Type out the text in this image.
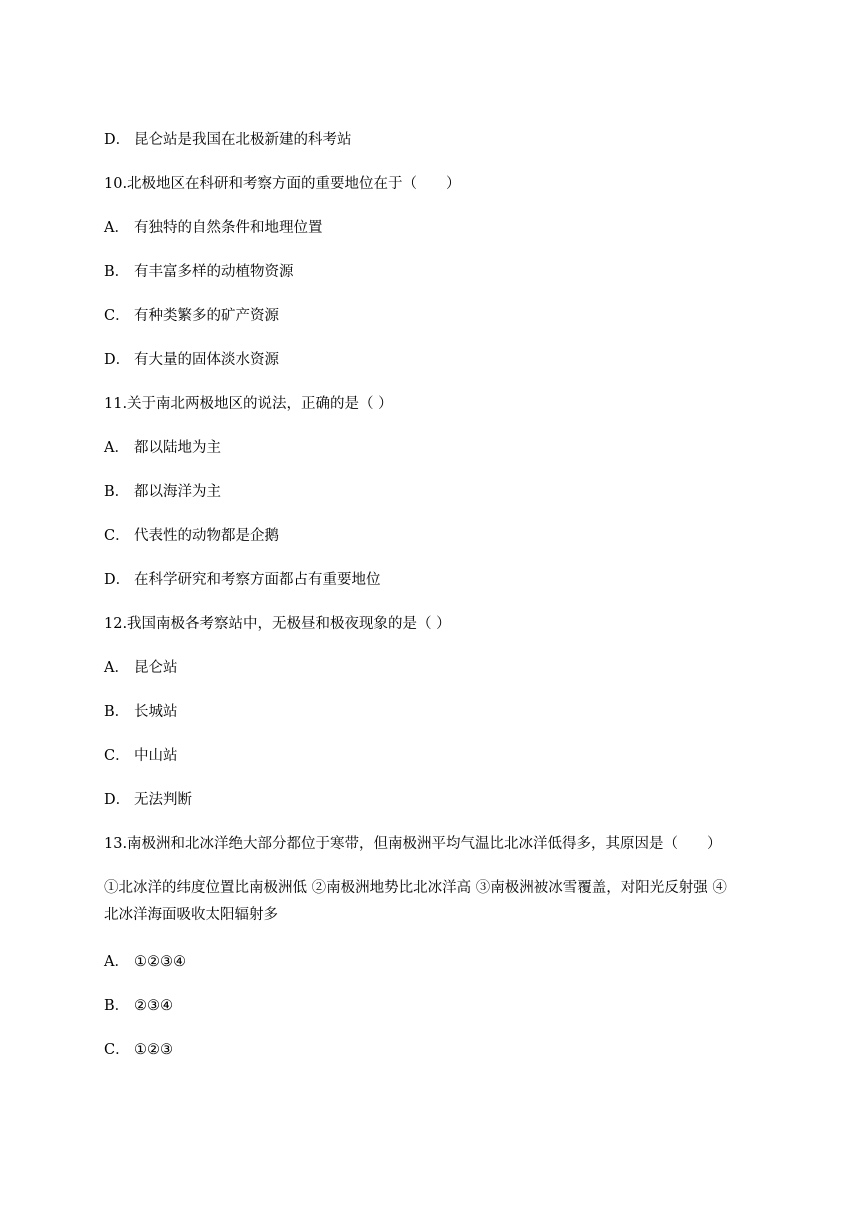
D． 昆仑站是我国在北极新建的科考站
10.北极地区在科研和考察方面的重要地位在于（　　）
A． 有独特的自然条件和地理位置
B． 有丰富多样的动植物资源
C． 有种类繁多的矿产资源
D． 有大量的固体淡水资源
11.关于南北两极地区的说法，正确的是（ ）
A． 都以陆地为主
B． 都以海洋为主
C． 代表性的动物都是企鹅
D． 在科学研究和考察方面都占有重要地位
12.我国南极各考察站中，无极昼和极夜现象的是（ ）
A． 昆仑站
B． 长城站
C． 中山站
D． 无法判断
13.南极洲和北冰洋绝大部分都位于寒带，但南极洲平均气温比北冰洋低得多，其原因是（　　）
①北冰洋的纬度位置比南极洲低 ②南极洲地势比北冰洋高 ③南极洲被冰雪覆盖，对阳光反射强 ④
北冰洋海面吸收太阳辐射多
A． ①②③④
B． ②③④
C． ①②③
